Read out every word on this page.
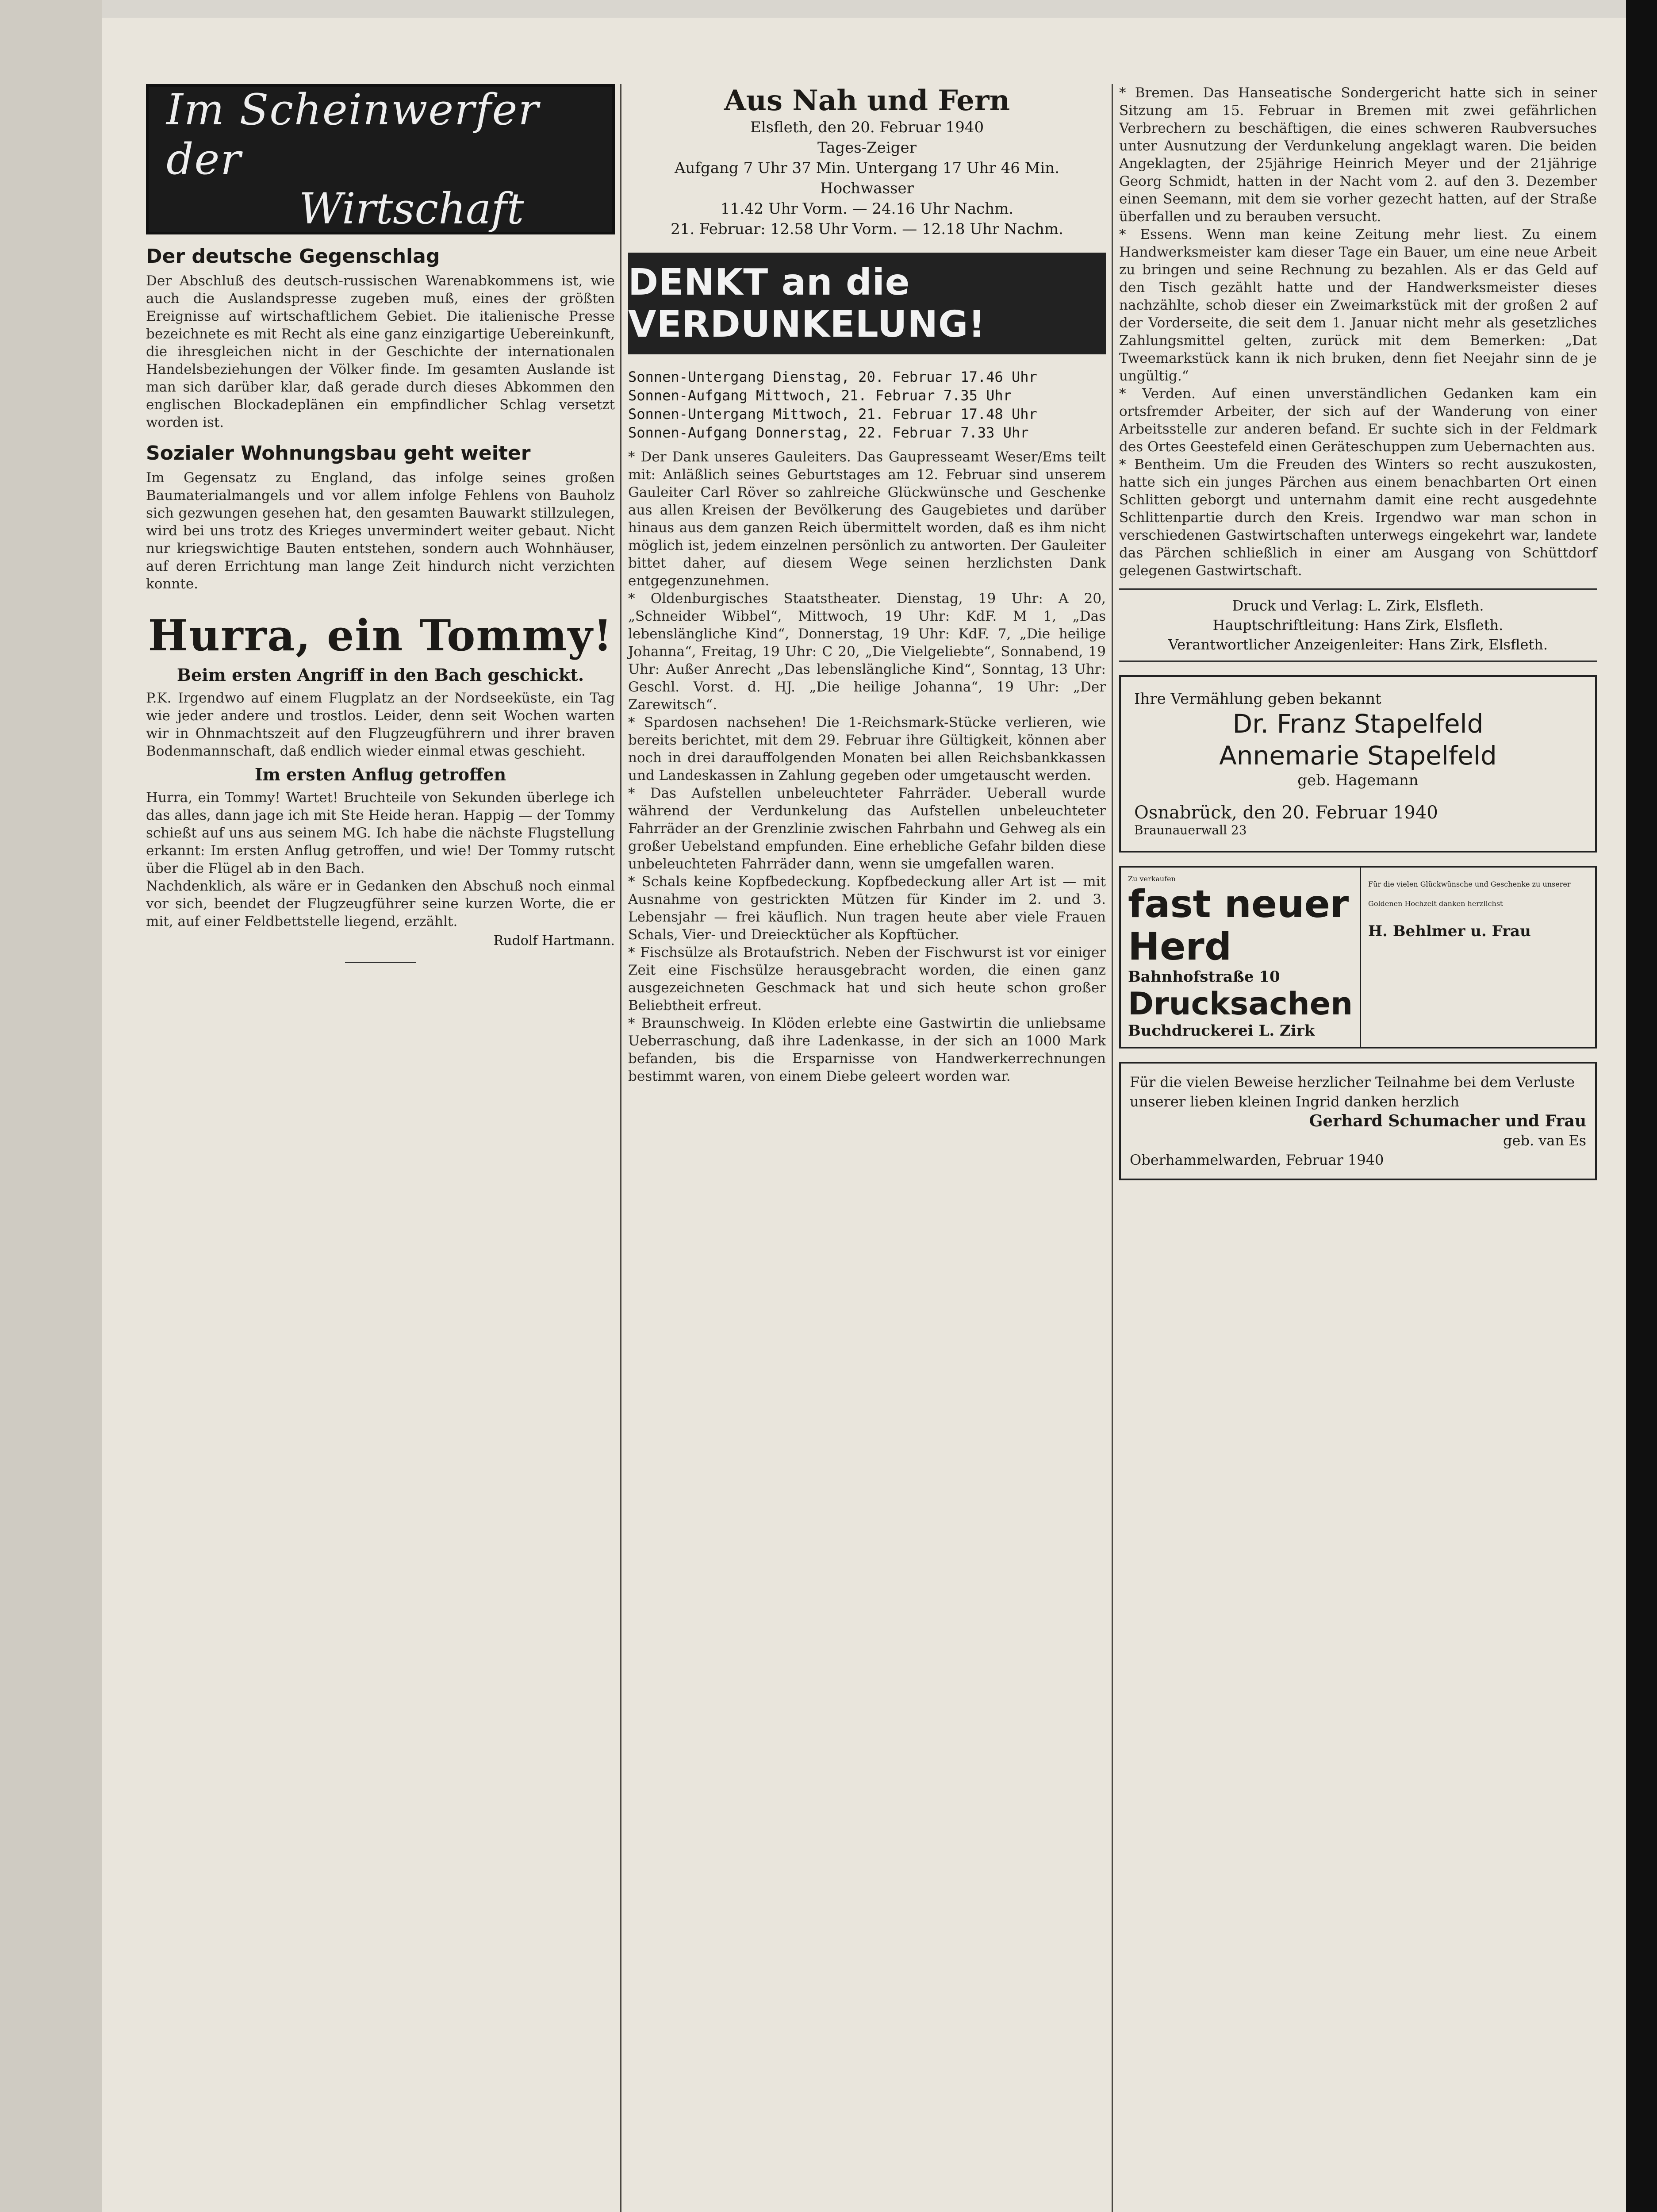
Im Scheinwerfer der
Wirtschaft
Der deutsche Gegenschlag

Der Abschluß des deutsch-russischen Warenabkommens ist, wie auch die Auslandspresse zugeben muß, eines der größten Ereignisse auf wirtschaftlichem Gebiet. Die italienische Presse bezeichnete es mit Recht als eine ganz einzigartige Uebereinkunft, die ihresgleichen nicht in der Geschichte der internationalen Handelsbeziehungen der Völker finde. Im gesamten Auslande ist man sich darüber klar, daß gerade durch dieses Abkommen den englischen Blockadeplänen ein empfindlicher Schlag versetzt worden ist.

Sozialer Wohnungsbau geht weiter

Im Gegensatz zu England, das infolge seines großen Baumaterialmangels und vor allem infolge Fehlens von Bauholz sich gezwungen gesehen hat, den gesamten Bauwarkt stillzulegen, wird bei uns trotz des Krieges unvermindert weiter gebaut. Nicht nur kriegswichtige Bauten entstehen, sondern auch Wohnhäuser, auf deren Errichtung man lange Zeit hindurch nicht verzichten konnte.

Hurra, ein Tommy!
Beim ersten Angriff in den Bach geschickt.

P.K. Irgendwo auf einem Flugplatz an der Nordseeküste, ein Tag wie jeder andere und trostlos. Leider, denn seit Wochen warten wir in Ohnmachtszeit auf den Flugzeugführern und ihrer braven Bodenmannschaft, daß endlich wieder einmal etwas geschieht.

Im ersten Anflug getroffen

Hurra, ein Tommy! Wartet! Bruchteile von Sekunden überlege ich das alles, dann jage ich mit Ste Heide heran. Happig — der Tommy schießt auf uns aus seinem MG. Ich habe die nächste Flugstellung erkannt: Im ersten Anflug getroffen, und wie! Der Tommy rutscht über die Flügel ab in den Bach.

Nachdenklich, als wäre er in Gedanken den Abschuß noch einmal vor sich, beendet der Flugzeugführer seine kurzen Worte, die er mit, auf einer Feldbettstelle liegend, erzählt.

Rudolf Hartmann.
Aus Nah und Fern
Elsfleth, den 20. Februar 1940
Tages-Zeiger
Aufgang 7 Uhr 37 Min. Untergang 17 Uhr 46 Min.
Hochwasser
11.42 Uhr Vorm. — 24.16 Uhr Nachm.
21. Februar: 12.58 Uhr Vorm. — 12.18 Uhr Nachm.
DENKT an die VERDUNKELUNG!
Sonnen-Untergang Dienstag, 20. Februar 17.46 Uhr
Sonnen-Aufgang Mittwoch, 21. Februar 7.35 Uhr
Sonnen-Untergang Mittwoch, 21. Februar 17.48 Uhr
Sonnen-Aufgang Donnerstag, 22. Februar 7.33 Uhr

* Der Dank unseres Gauleiters. Das Gaupresseamt Weser/Ems teilt mit: Anläßlich seines Geburtstages am 12. Februar sind unserem Gauleiter Carl Röver so zahlreiche Glückwünsche und Geschenke aus allen Kreisen der Bevölkerung des Gaugebietes und darüber hinaus aus dem ganzen Reich übermittelt worden, daß es ihm nicht möglich ist, jedem einzelnen persönlich zu antworten. Der Gauleiter bittet daher, auf diesem Wege seinen herzlichsten Dank entgegenzunehmen.

* Oldenburgisches Staatstheater. Dienstag, 19 Uhr: A 20, „Schneider Wibbel“, Mittwoch, 19 Uhr: KdF. M 1, „Das lebenslängliche Kind“, Donnerstag, 19 Uhr: KdF. 7, „Die heilige Johanna“, Freitag, 19 Uhr: C 20, „Die Vielgeliebte“, Sonnabend, 19 Uhr: Außer Anrecht „Das lebenslängliche Kind“, Sonntag, 13 Uhr: Geschl. Vorst. d. HJ. „Die heilige Johanna“, 19 Uhr: „Der Zarewitsch“.

* Spardosen nachsehen! Die 1-Reichsmark-Stücke verlieren, wie bereits berichtet, mit dem 29. Februar ihre Gültigkeit, können aber noch in drei darauffolgenden Monaten bei allen Reichsbankkassen und Landeskassen in Zahlung gegeben oder umgetauscht werden.

* Das Aufstellen unbeleuchteter Fahrräder. Ueberall wurde während der Verdunkelung das Aufstellen unbeleuchteter Fahrräder an der Grenzlinie zwischen Fahrbahn und Gehweg als ein großer Uebelstand empfunden. Eine erhebliche Gefahr bilden diese unbeleuchteten Fahrräder dann, wenn sie umgefallen waren.

* Schals keine Kopfbedeckung. Kopfbedeckung aller Art ist — mit Ausnahme von gestrickten Mützen für Kinder im 2. und 3. Lebensjahr — frei käuflich. Nun tragen heute aber viele Frauen Schals, Vier- und Dreiecktücher als Kopftücher.

* Fischsülze als Brotaufstrich. Neben der Fischwurst ist vor einiger Zeit eine Fischsülze herausgebracht worden, die einen ganz ausgezeichneten Geschmack hat und sich heute schon großer Beliebtheit erfreut.

* Braunschweig. In Klöden erlebte eine Gastwirtin die unliebsame Ueberraschung, daß ihre Ladenkasse, in der sich an 1000 Mark befanden, bis die Ersparnisse von Handwerkerrechnungen bestimmt waren, von einem Diebe geleert worden war.

* Bremen. Das Hanseatische Sondergericht hatte sich in seiner Sitzung am 15. Februar in Bremen mit zwei gefährlichen Verbrechern zu beschäftigen, die eines schweren Raubversuches unter Ausnutzung der Verdunkelung angeklagt waren. Die beiden Angeklagten, der 25jährige Heinrich Meyer und der 21jährige Georg Schmidt, hatten in der Nacht vom 2. auf den 3. Dezember einen Seemann, mit dem sie vorher gezecht hatten, auf der Straße überfallen und zu berauben versucht.

* Essens. Wenn man keine Zeitung mehr liest. Zu einem Handwerksmeister kam dieser Tage ein Bauer, um eine neue Arbeit zu bringen und seine Rechnung zu bezahlen. Als er das Geld auf den Tisch gezählt hatte und der Handwerksmeister dieses nachzählte, schob dieser ein Zweimarkstück mit der großen 2 auf der Vorderseite, die seit dem 1. Januar nicht mehr als gesetzliches Zahlungsmittel gelten, zurück mit dem Bemerken: „Dat Tweemarkstück kann ik nich bruken, denn fiet Neejahr sinn de je ungültig.“

* Verden. Auf einen unverständlichen Gedanken kam ein ortsfremder Arbeiter, der sich auf der Wanderung von einer Arbeitsstelle zur anderen befand. Er suchte sich in der Feldmark des Ortes Geestefeld einen Geräteschuppen zum Uebernachten aus.

* Bentheim. Um die Freuden des Winters so recht auszukosten, hatte sich ein junges Pärchen aus einem benachbarten Ort einen Schlitten geborgt und unternahm damit eine recht ausgedehnte Schlittenpartie durch den Kreis. Irgendwo war man schon in verschiedenen Gastwirtschaften unterwegs eingekehrt war, landete das Pärchen schließlich in einer am Ausgang von Schüttdorf gelegenen Gastwirtschaft.

Druck und Verlag: L. Zirk, Elsfleth.
Hauptschriftleitung: Hans Zirk, Elsfleth.
Verantwortlicher Anzeigenleiter: Hans Zirk, Elsfleth.
Ihre Vermählung geben bekannt
Dr. Franz Stapelfeld
Annemarie Stapelfeld
geb. Hagemann
Osnabrück, den 20. Februar 1940
Braunauerwall 23
Zu verkaufen
fast neuer Herd
Bahnhofstraße 10
Drucksachen
Buchdruckerei L. Zirk
Für die vielen Glückwünsche und Geschenke zu unserer Goldenen Hochzeit danken herzlichst
H. Behlmer u. Frau
Für die vielen Beweise herzlicher Teilnahme bei dem Verluste unserer lieben kleinen Ingrid danken herzlich
Gerhard Schumacher und Frau
geb. van Es
Oberhammelwarden, Februar 1940
